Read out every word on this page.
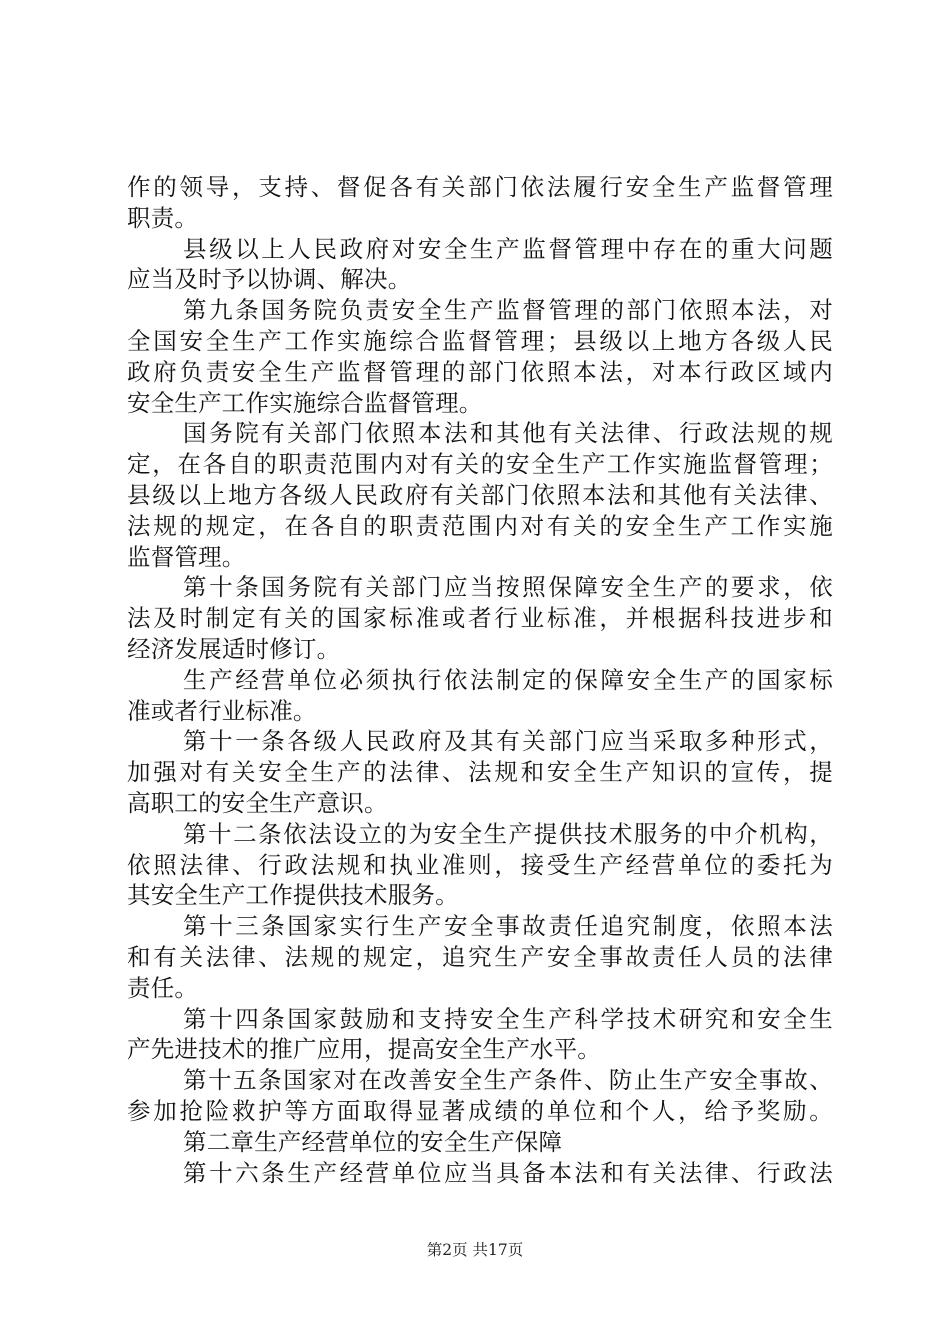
作的领导，支持、督促各有关部门依法履行安全生产监督管理
职责。
县级以上人民政府对安全生产监督管理中存在的重大问题
应当及时予以协调、解决。
第九条国务院负责安全生产监督管理的部门依照本法，对
全国安全生产工作实施综合监督管理；县级以上地方各级人民
政府负责安全生产监督管理的部门依照本法，对本行政区域内
安全生产工作实施综合监督管理。
国务院有关部门依照本法和其他有关法律、行政法规的规
定，在各自的职责范围内对有关的安全生产工作实施监督管理；
县级以上地方各级人民政府有关部门依照本法和其他有关法律、
法规的规定，在各自的职责范围内对有关的安全生产工作实施
监督管理。
第十条国务院有关部门应当按照保障安全生产的要求，依
法及时制定有关的国家标准或者行业标准，并根据科技进步和
经济发展适时修订。
生产经营单位必须执行依法制定的保障安全生产的国家标
准或者行业标准。
第十一条各级人民政府及其有关部门应当采取多种形式，
加强对有关安全生产的法律、法规和安全生产知识的宣传，提
高职工的安全生产意识。
第十二条依法设立的为安全生产提供技术服务的中介机构，
依照法律、行政法规和执业准则，接受生产经营单位的委托为
其安全生产工作提供技术服务。
第十三条国家实行生产安全事故责任追究制度，依照本法
和有关法律、法规的规定，追究生产安全事故责任人员的法律
责任。
第十四条国家鼓励和支持安全生产科学技术研究和安全生
产先进技术的推广应用，提高安全生产水平。
第十五条国家对在改善安全生产条件、防止生产安全事故、
参加抢险救护等方面取得显著成绩的单位和个人，给予奖励。
第二章生产经营单位的安全生产保障
第十六条生产经营单位应当具备本法和有关法律、行政法
第2页 共17页
